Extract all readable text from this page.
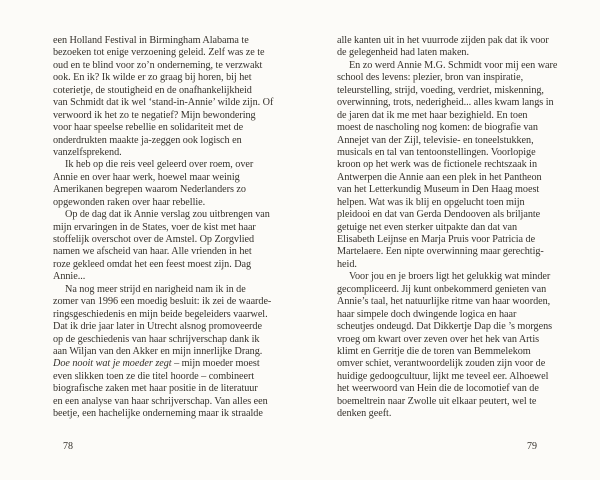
een Holland Festival in Birmingham Alabama te
bezoeken tot enige verzoening geleid. Zelf was ze te
oud en te blind voor zo’n onderneming, te verzwakt
ook. En ik? Ik wilde er zo graag bij horen, bij het
coterietje, de stoutigheid en de onafhankelijkheid
van Schmidt dat ik wel ‘stand-in-Annie’ wilde zijn. Of
verwoord ik het zo te negatief? Mijn bewondering
voor haar speelse rebellie en solidariteit met de
onderdrukten maakte ja-zeggen ook logisch en
vanzelfsprekend.
Ik heb op die reis veel geleerd over roem, over
Annie en over haar werk, hoewel maar weinig
Amerikanen begrepen waarom Nederlanders zo
opgewonden raken over haar rebellie.
Op de dag dat ik Annie verslag zou uitbrengen van
mijn ervaringen in de States, voer de kist met haar
stoffelijk overschot over de Amstel. Op Zorgvlied
namen we afscheid van haar. Alle vrienden in het
roze gekleed omdat het een feest moest zijn. Dag
Annie...
Na nog meer strijd en narigheid nam ik in de
zomer van 1996 een moedig besluit: ik zei de waarde-
ringsgeschiedenis en mijn beide begeleiders vaarwel.
Dat ik drie jaar later in Utrecht alsnog promoveerde
op de geschiedenis van haar schrijverschap dank ik
aan Wiljan van den Akker en mijn innerlijke Drang.
Doe nooit wat je moeder zegt – mijn moeder moest
even slikken toen ze die titel hoorde – combineert
biografische zaken met haar positie in de literatuur
en een analyse van haar schrijverschap. Van alles een
beetje, een hachelijke onderneming maar ik straalde
alle kanten uit in het vuurrode zijden pak dat ik voor
de gelegenheid had laten maken.
En zo werd Annie M.G. Schmidt voor mij een ware
school des levens: plezier, bron van inspiratie,
teleurstelling, strijd, voeding, verdriet, miskenning,
overwinning, trots, nederigheid... alles kwam langs in
de jaren dat ik me met haar bezighield. En toen
moest de nascholing nog komen: de biografie van
Annejet van der Zijl, televisie- en toneelstukken,
musicals en tal van tentoonstellingen. Voorlopige
kroon op het werk was de fictionele rechtszaak in
Antwerpen die Annie aan een plek in het Pantheon
van het Letterkundig Museum in Den Haag moest
helpen. Wat was ik blij en opgelucht toen mijn
pleidooi en dat van Gerda Dendooven als briljante
getuige net even sterker uitpakte dan dat van
Elisabeth Leijnse en Marja Pruis voor Patricia de
Martelaere. Een nipte overwinning maar gerechtig-
heid.
Voor jou en je broers ligt het gelukkig wat minder
gecompliceerd. Jij kunt onbekommerd genieten van
Annie’s taal, het natuurlijke ritme van haar woorden,
haar simpele doch dwingende logica en haar
scheutjes ondeugd. Dat Dikkertje Dap die ’s morgens
vroeg om kwart over zeven over het hek van Artis
klimt en Gerritje die de toren van Bemmelekom
omver schiet, verantwoordelijk zouden zijn voor de
huidige gedoogcultuur, lijkt me teveel eer. Alhoewel
het weerwoord van Hein die de locomotief van de
boemeltrein naar Zwolle uit elkaar peutert, wel te
denken geeft.
78	79
